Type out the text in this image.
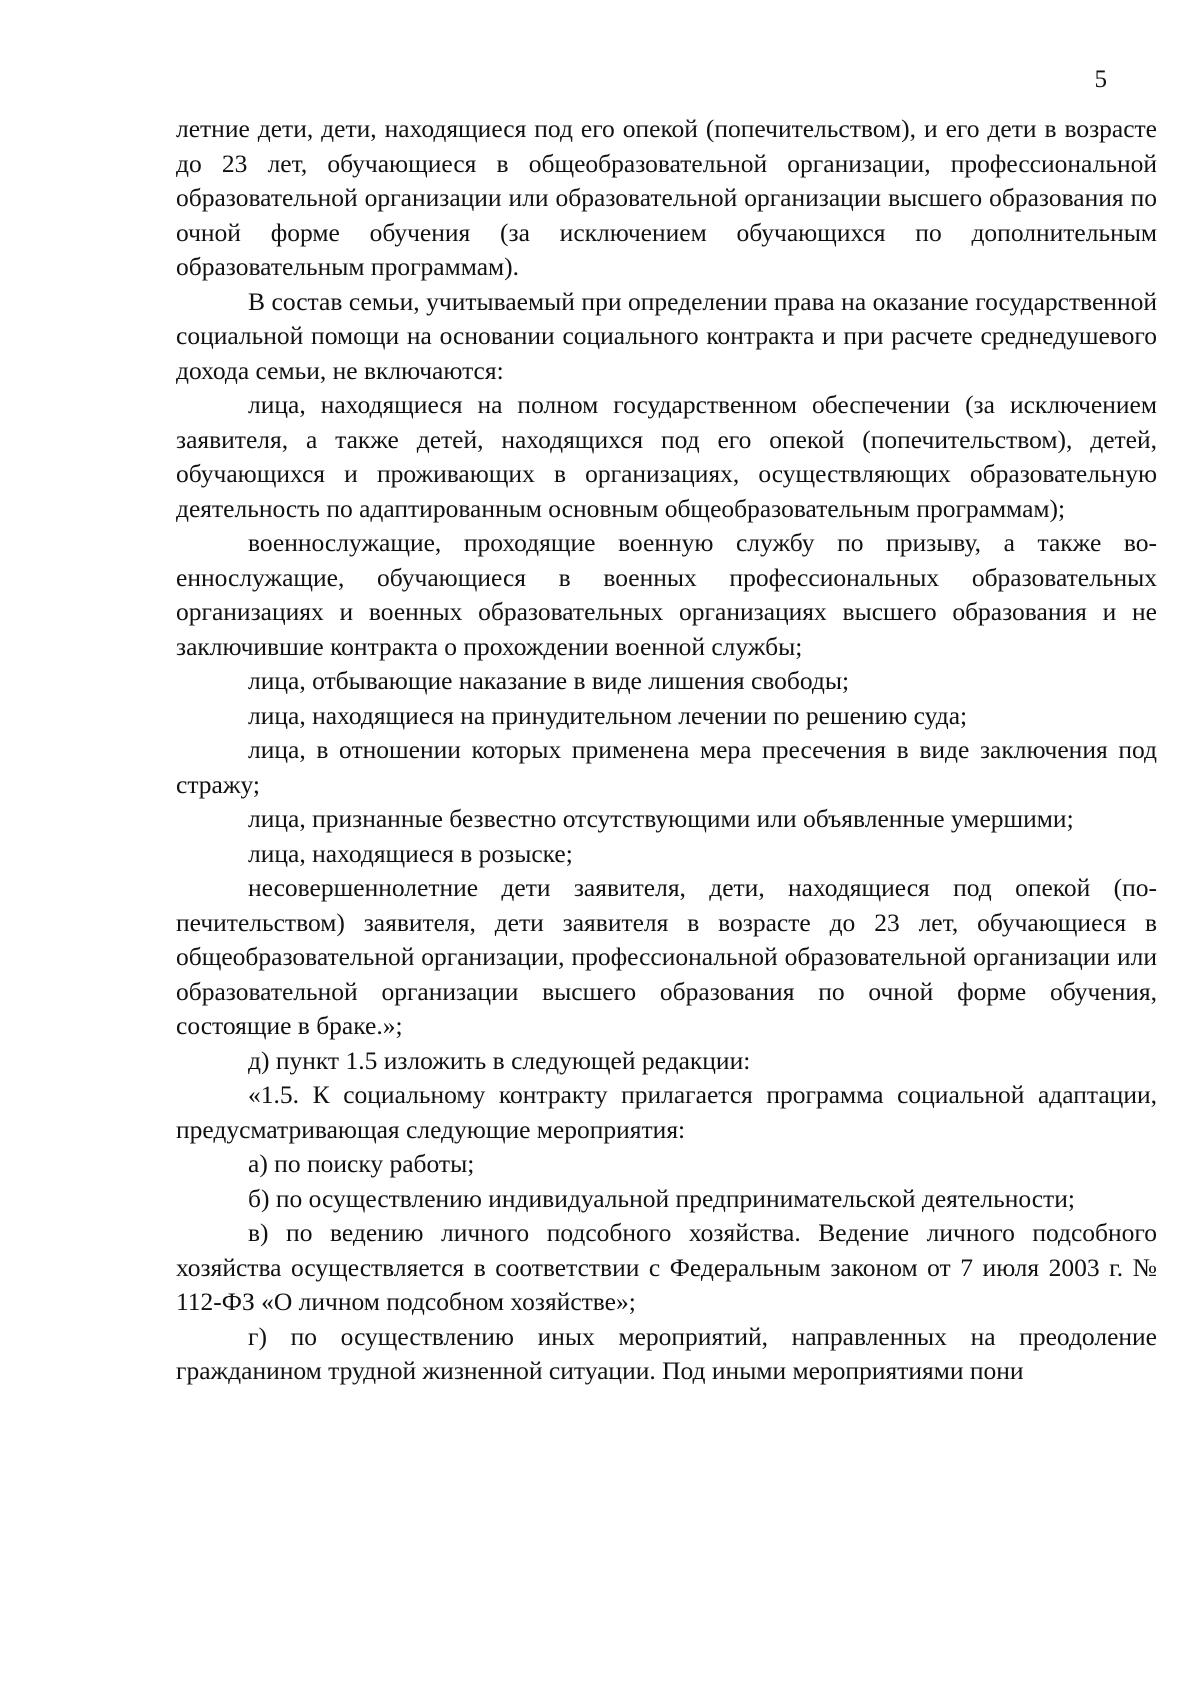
5

летние дети, дети, находящиеся под его опекой (попечительством), и его дети в возрасте до 23 лет, обучающиеся в общеобразовательной организации, профессиональной образовательной организации или образовательной организации высшего образования по очной форме обучения (за исключением обучающихся по дополнительным образовательным программам).

В состав семьи, учитываемый при определении права на оказание государственной социальной помощи на основании социального контракта и при расчете среднедушевого дохода семьи, не включаются:

лица, находящиеся на полном государственном обеспечении (за исключением заявителя, а также детей, находящихся под его опекой (попечительством), детей, обучающихся и проживающих в организациях, осуществляющих образовательную деятельность по адаптированным основным общеобразовательным программам);

военнослужащие, проходящие военную службу по призыву, а также военнослужащие, обучающиеся в военных профессиональных образовательных организациях и военных образовательных организациях высшего образования и не заключившие контракта о прохождении военной службы;

лица, отбывающие наказание в виде лишения свободы;

лица, находящиеся на принудительном лечении по решению суда;

лица, в отношении которых применена мера пресечения в виде заключения под стражу;

лица, признанные безвестно отсутствующими или объявленные умершими;

лица, находящиеся в розыске;

несовершеннолетние дети заявителя, дети, находящиеся под опекой (попечительством) заявителя, дети заявителя в возрасте до 23 лет, обучающиеся в общеобразовательной организации, профессиональной образовательной организации или образовательной организации высшего образования по очной форме обучения, состоящие в браке.»;

д) пункт 1.5 изложить в следующей редакции:

«1.5. К социальному контракту прилагается программа социальной адаптации, предусматривающая следующие мероприятия:

а) по поиску работы;

б) по осуществлению индивидуальной предпринимательской деятельности;

в) по ведению личного подсобного хозяйства. Ведение личного подсобного хозяйства осуществляется в соответствии с Федеральным законом от 7 июля 2003 г. № 112-ФЗ «О личном подсобном хозяйстве»;

г) по осуществлению иных мероприятий, направленных на преодоление гражданином трудной жизненной ситуации. Под иными мероприятиями пони
